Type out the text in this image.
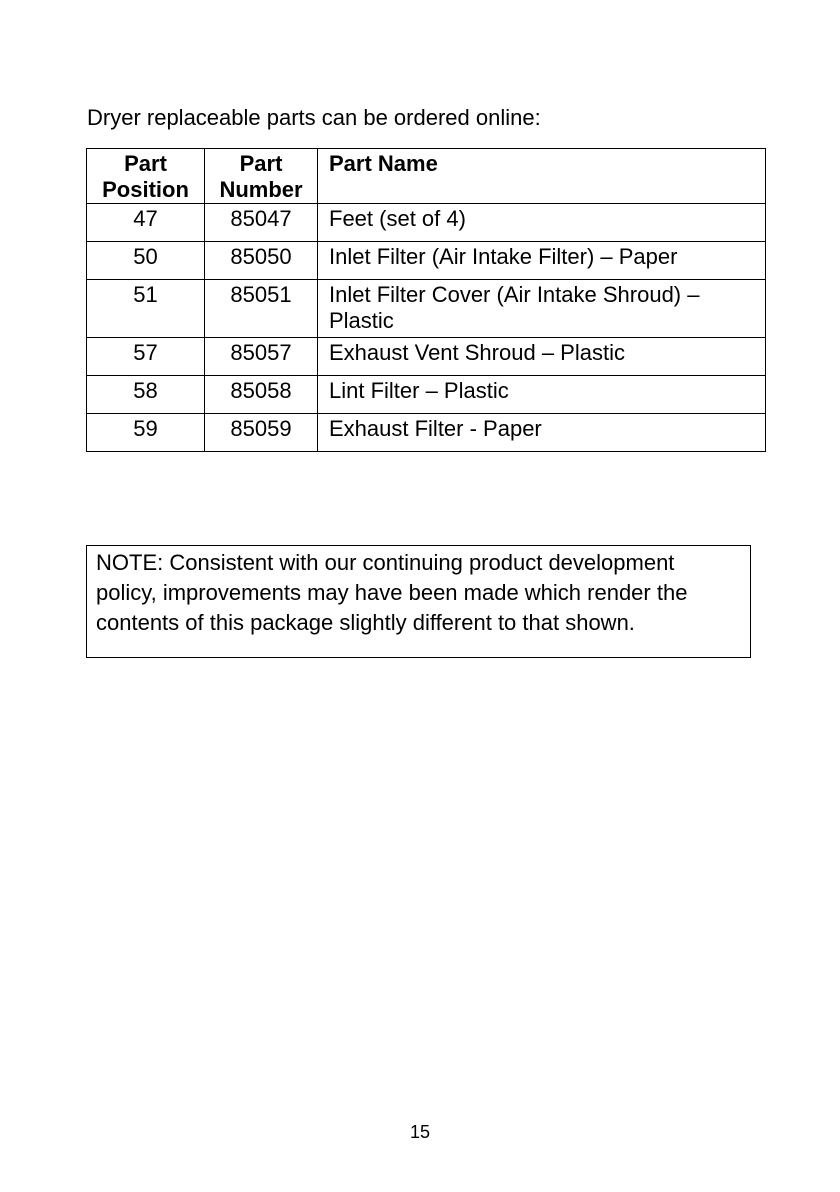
Dryer replaceable parts can be ordered online:

Part Position	Part Number	Part Name
47	85047	Feet (set of 4)
50	85050	Inlet Filter (Air Intake Filter) – Paper
51	85051	Inlet Filter Cover (Air Intake Shroud) – Plastic
57	85057	Exhaust Vent Shroud – Plastic
58	85058	Lint Filter – Plastic
59	85059	Exhaust Filter - Paper
NOTE: Consistent with our continuing product development policy, improvements may have been made which render the contents of this package slightly different to that shown.
15
